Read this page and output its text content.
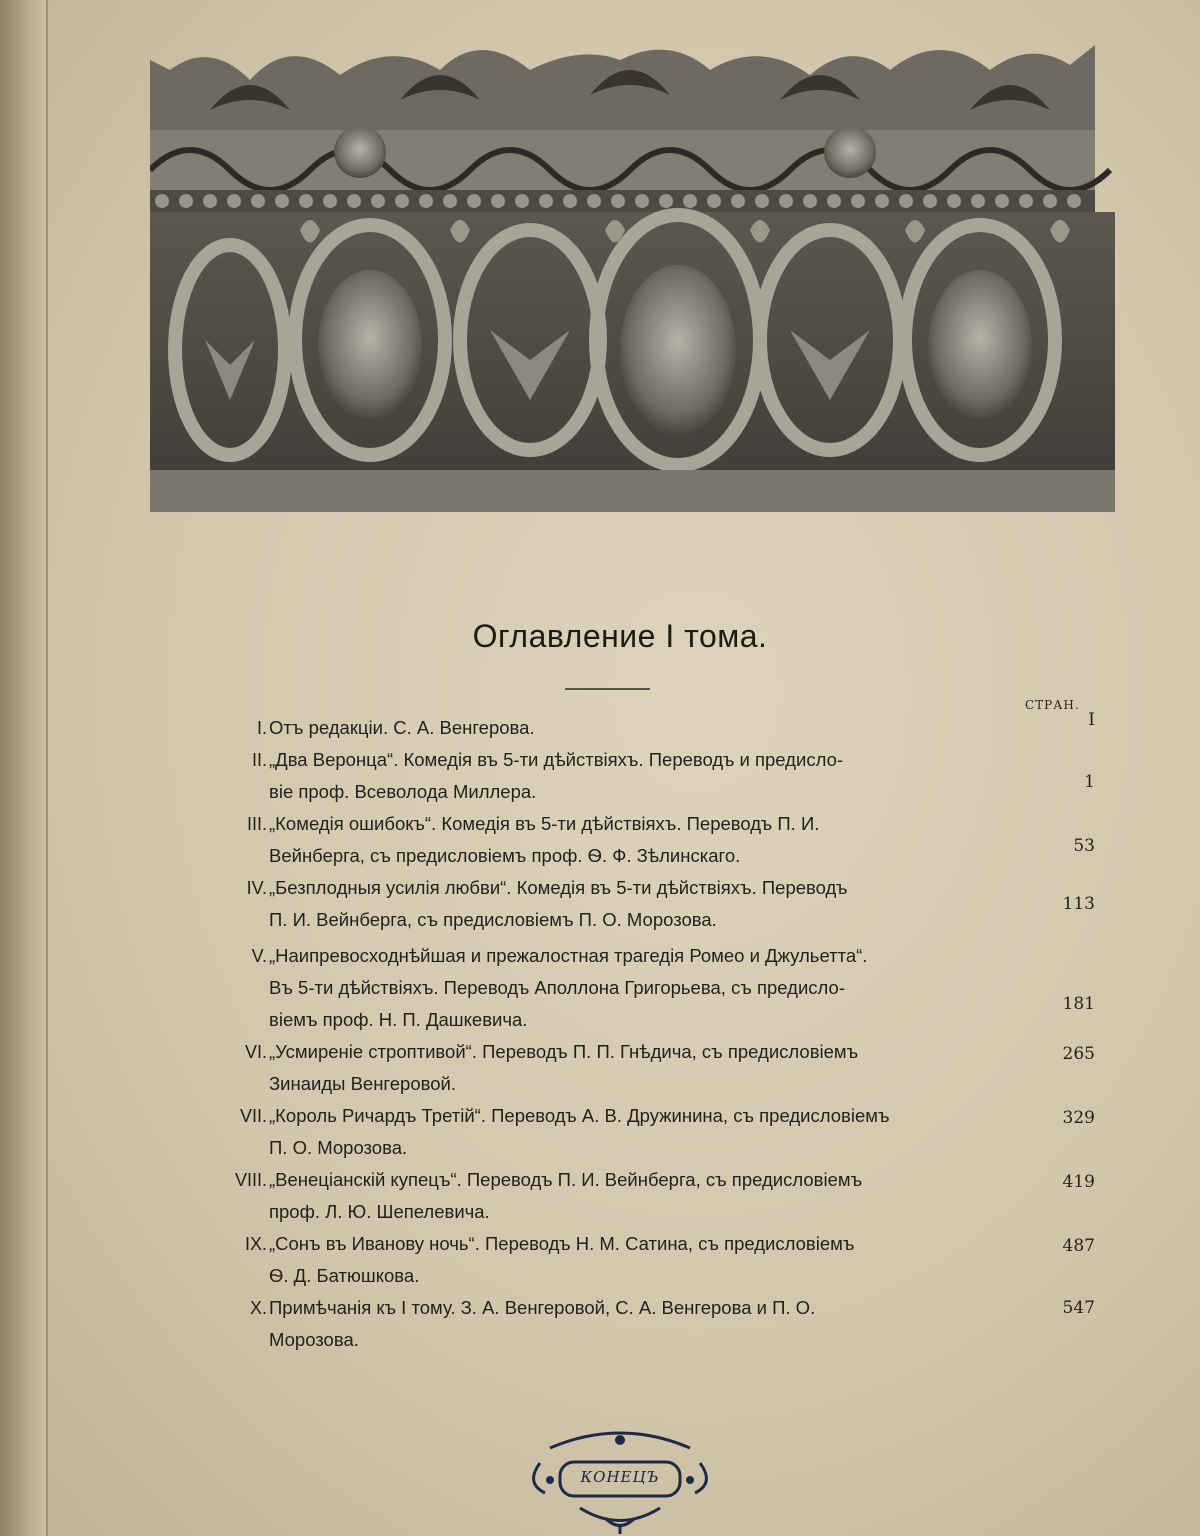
Оглавление I тома.
СТРАН.
I. Отъ редакціи. С. А. Венгерова.	I
II. „Два Веронца“. Комедія въ 5-ти дѣйствіяхъ. Переводъ и предисло-
віе проф. Всеволода Миллера.	1
III. „Комедія ошибокъ“. Комедія въ 5-ти дѣйствіяхъ. Переводъ П. И.
Вейнберга, съ предисловіемъ проф. Ѳ. Ф. Зѣлинскаго.	53
IV. „Безплодныя усилія любви“. Комедія въ 5-ти дѣйствіяхъ. Переводъ
П. И. Вейнберга, съ предисловіемъ П. О. Морозова.
113
V. „Наипревосходнѣйшая и прежалостная трагедія Ромео и Джульетта“.
Въ 5-ти дѣйствіяхъ. Переводъ Аполлона Григорьева, съ предисло-
віемъ проф. Н. П. Дашкевича.
181
VI. „Усмиреніе строптивой“. Переводъ П. П. Гнѣдича, съ предисловіемъ
Зинаиды Венгеровой.
265
VII. „Король Ричардъ Третій“. Переводъ А. В. Дружинина, съ предисловіемъ
П. О. Морозова.
329
VIII. „Венеціанскій купецъ“. Переводъ П. И. Вейнберга, съ предисловіемъ
проф. Л. Ю. Шепелевича.
419
IX. „Сонъ въ Иванову ночь“. Переводъ Н. М. Сатина, съ предисловіемъ
Ѳ. Д. Батюшкова.
487
X. Примѣчанія къ I тому. З. А. Венгеровой, С. А. Венгерова и П. О.
Морозова.
547
КОНЕЦЪ
